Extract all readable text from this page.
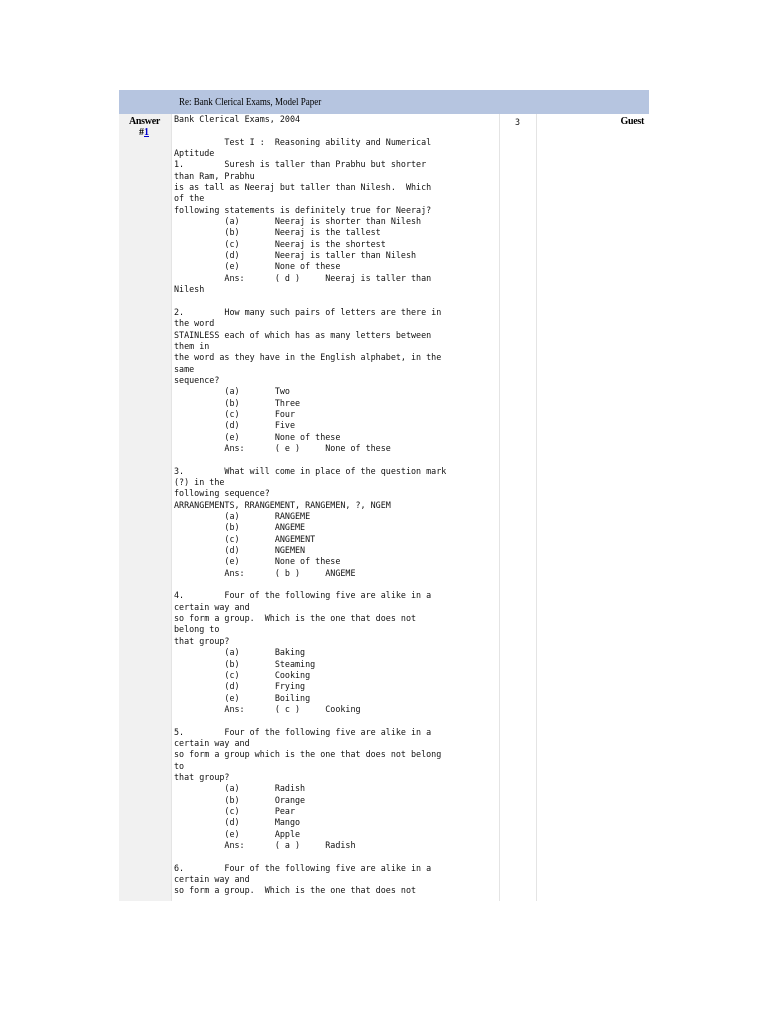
Re: Bank Clerical Exams, Model Paper
Answer
#1
Bank Clerical Exams, 2004

Test I :  Reasoning ability and Numerical
Aptitude
1.        Suresh is taller than Prabhu but shorter
than Ram, Prabhu
is as tall as Neeraj but taller than Nilesh.  Which
of the
following statements is definitely true for Neeraj?
(a)       Neeraj is shorter than Nilesh
(b)       Neeraj is the tallest
(c)       Neeraj is the shortest
(d)       Neeraj is taller than Nilesh
(e)       None of these
Ans:      ( d )     Neeraj is taller than
Nilesh

2.        How many such pairs of letters are there in
the word
STAINLESS each of which has as many letters between
them in
the word as they have in the English alphabet, in the
same
sequence?
(a)       Two
(b)       Three
(c)       Four
(d)       Five
(e)       None of these
Ans:      ( e )     None of these

3.        What will come in place of the question mark
(?) in the
following sequence?
ARRANGEMENTS, RRANGEMENT, RANGEMEN, ?, NGEM
(a)       RANGEME
(b)       ANGEME
(c)       ANGEMENT
(d)       NGEMEN
(e)       None of these
Ans:      ( b )     ANGEME

4.        Four of the following five are alike in a
certain way and
so form a group.  Which is the one that does not
belong to
that group?
(a)       Baking
(b)       Steaming
(c)       Cooking
(d)       Frying
(e)       Boiling
Ans:      ( c )     Cooking

5.        Four of the following five are alike in a
certain way and
so form a group which is the one that does not belong
to
that group?
(a)       Radish
(b)       Orange
(c)       Pear
(d)       Mango
(e)       Apple
Ans:      ( a )     Radish

6.        Four of the following five are alike in a
certain way and
so form a group.  Which is the one that does not
3	Guest
